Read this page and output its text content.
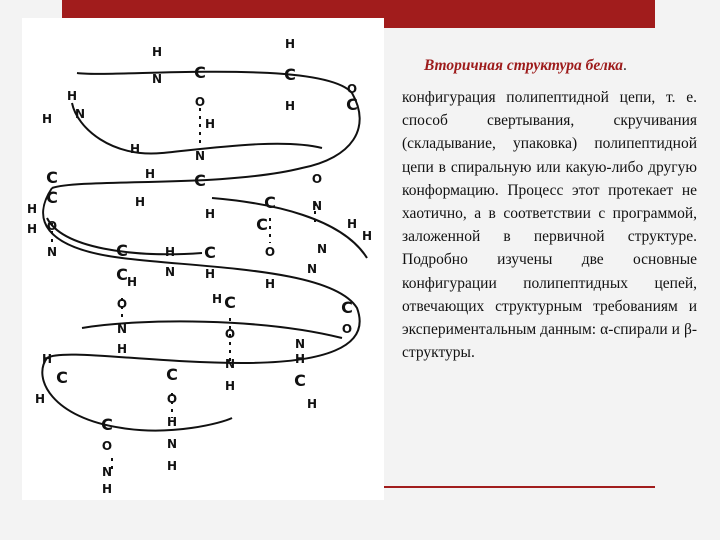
H
N C
O
H
C
H
H
N
H
C
H
C
O
H	N
H C	O
N
H
C
H
C
O
H
N	C	H
N
H
H
C
H
H
C
O
H
N
C
O
N
H
C
O
N
H
N
H
C
H
H
C
H
C
O
H
N
H
C
O
N
H
C
O
N
H
H
Вторичная структура белка.
конфигурация полипептидной цепи, т. е. способ свертывания, скручивания (складывание, упаковка) полипептидной цепи в спиральную или какую-либо другую конформацию. Процесс этот протекает не хаотично, а в соответствии с программой, заложенной в первичной структуре. Подробно изучены две основные конфигурации полипептидных цепей, отвечающих структурным требованиям и экспериментальным данным: α-спирали и β-структуры.
